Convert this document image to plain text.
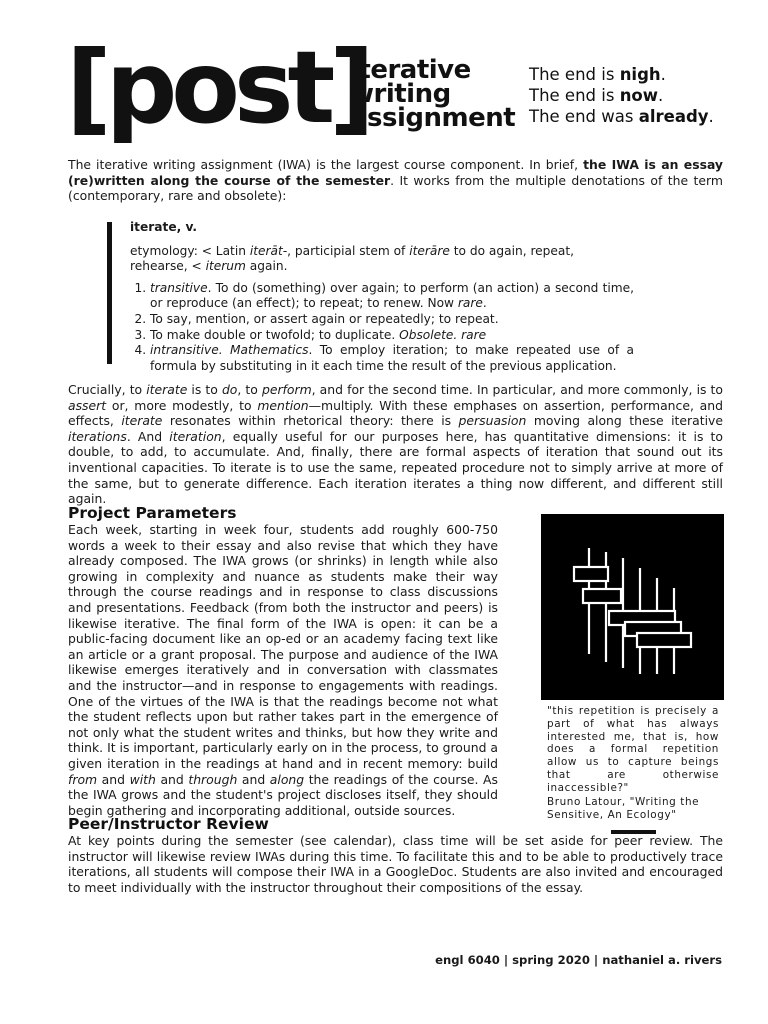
[post]
iterative
writing
assignment
The end is nigh.
The end is now.
The end was already.
The iterative writing assignment (IWA) is the largest course component. In brief, the IWA is an essay (re)written along the course of the semester. It works from the multiple denotations of the term (contemporary, rare and obsolete):
iterate, v.
etymology: < Latin iterāt-, participial stem of iterāre to do again, repeat, rehearse, < iterum again.
1. transitive. To do (something) over again; to perform (an action) a second time, or reproduce (an effect); to repeat; to renew. Now rare.
2. To say, mention, or assert again or repeatedly; to repeat.
3. To make double or twofold; to duplicate. Obsolete. rare
4. intransitive. Mathematics. To employ iteration; to make repeated use of a formula by substituting in it each time the result of the previous application.
Crucially, to iterate is to do, to perform, and for the second time. In particular, and more commonly, is to assert or, more modestly, to mention—multiply. With these emphases on assertion, performance, and effects, iterate resonates within rhetorical theory: there is persuasion moving along these iterative iterations. And iteration, equally useful for our purposes here, has quantitative dimensions: it is to double, to add, to accumulate. And, finally, there are formal aspects of iteration that sound out its inventional capacities. To iterate is to use the same, repeated procedure not to simply arrive at more of the same, but to generate difference. Each iteration iterates a thing now different, and different still again.
Project Parameters
Each week, starting in week four, students add roughly 600-750 words a week to their essay and also revise that which they have already composed. The IWA grows (or shrinks) in length while also growing in complexity and nuance as students make their way through the course readings and in response to class discussions and presentations. Feedback (from both the instructor and peers) is likewise iterative. The final form of the IWA is open: it can be a public-facing document like an op-ed or an academy facing text like an article or a grant proposal. The purpose and audience of the IWA likewise emerges iteratively and in conversation with classmates and the instructor—and in response to engagements with readings. One of the virtues of the IWA is that the readings become not what the student reflects upon but rather takes part in the emergence of not only what the student writes and thinks, but how they write and think. It is important, particularly early on in the process, to ground a given iteration in the readings at hand and in recent memory: build from and with and through and along the readings of the course. As the IWA grows and the student's project discloses itself, they should begin gathering and incorporating additional, outside sources.
"this repetition is precisely a part of what has always interested me, that is, how does a formal repetition allow us to capture beings that are otherwise inaccessible?"
Bruno Latour, "Writing the Sensitive, An Ecology"
Peer/Instructor Review
At key points during the semester (see calendar), class time will be set aside for peer review. The instructor will likewise review IWAs during this time. To facilitate this and to be able to productively trace iterations, all students will compose their IWA in a GoogleDoc. Students are also invited and encouraged to meet individually with the instructor throughout their compositions of the essay.
engl 6040 | spring 2020 | nathaniel a. rivers
